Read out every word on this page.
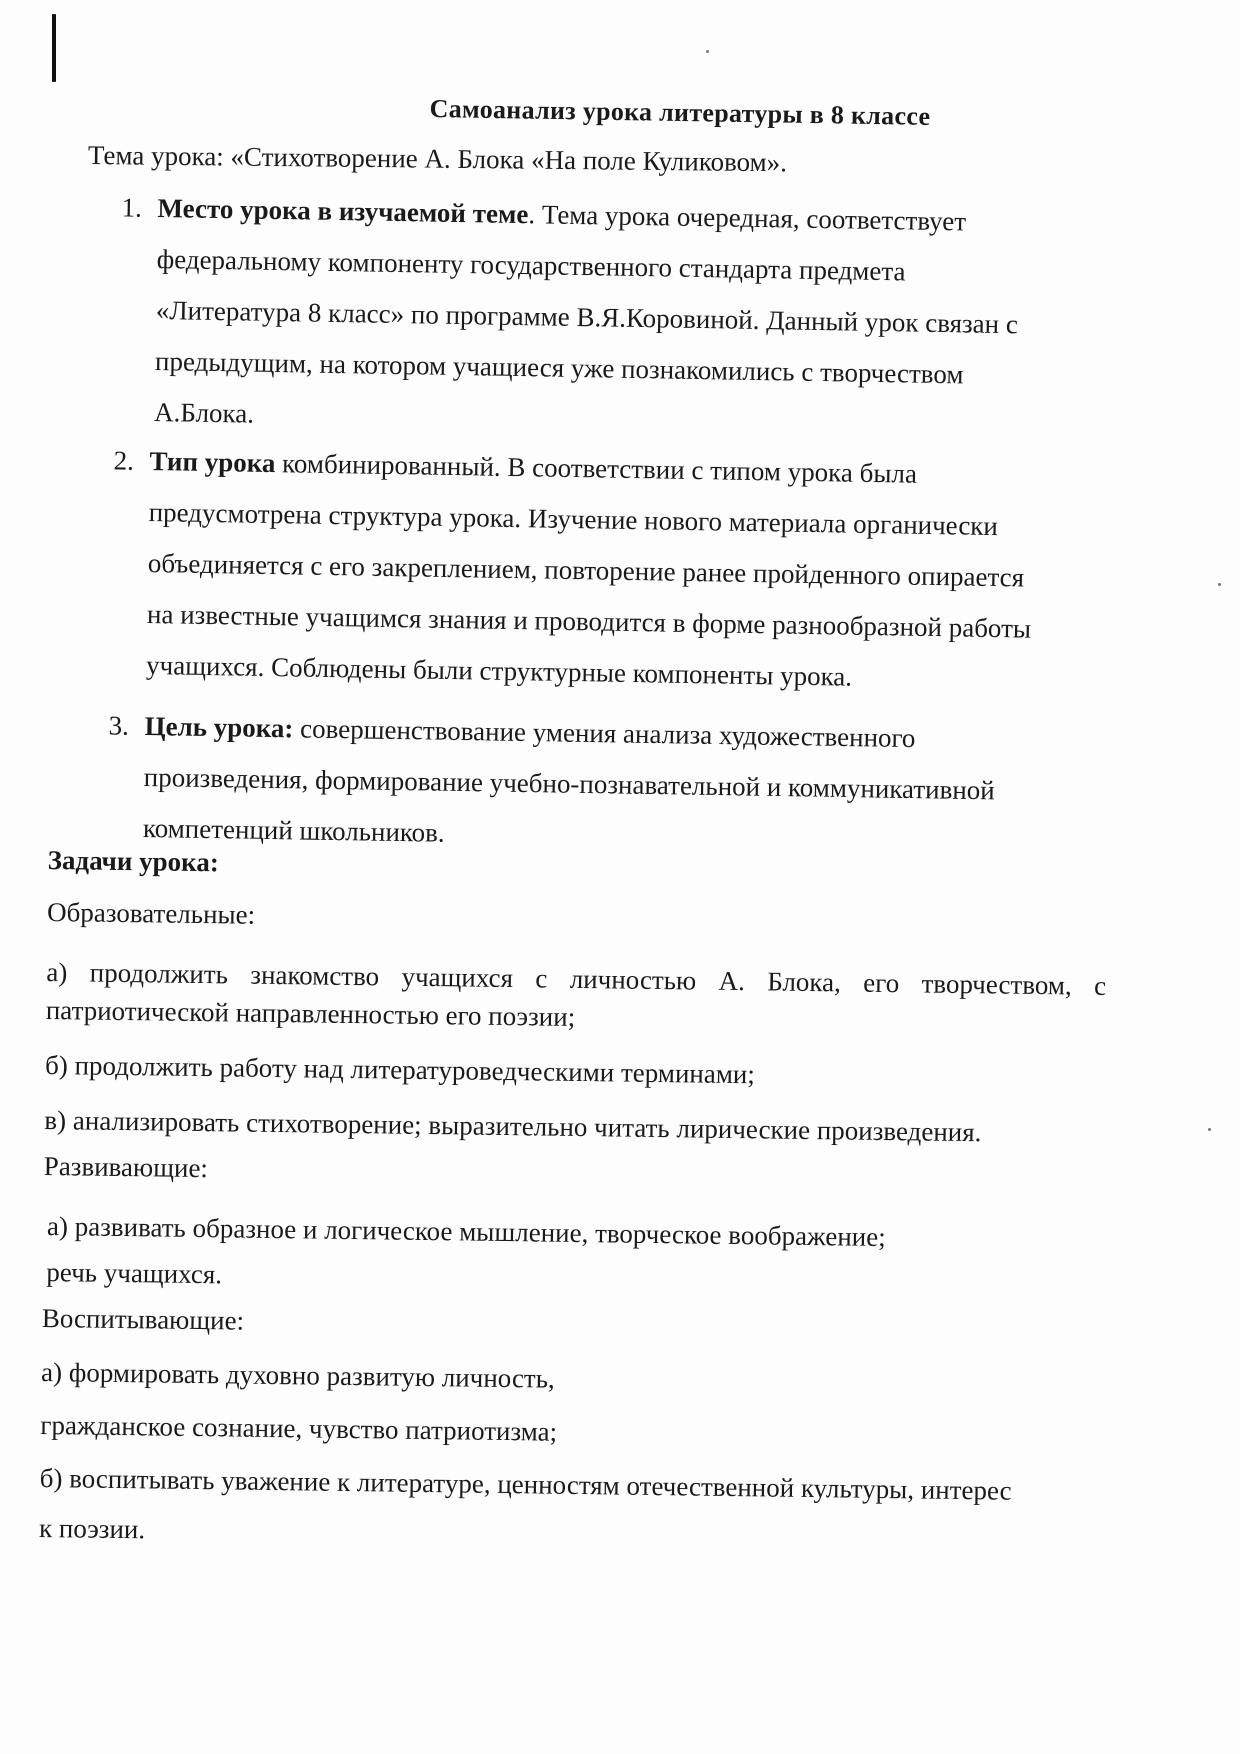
Самоанализ урока литературы в 8 классе
Тема урока: «Стихотворение А. Блока «На поле Куликовом».
1. Место урока в изучаемой теме. Тема урока очередная, соответствует
федеральному компоненту государственного стандарта предмета
«Литература 8 класс» по программе В.Я.Коровиной. Данный урок связан с
предыдущим, на котором учащиеся уже познакомились с творчеством
А.Блока.
2. Тип урока комбинированный. В соответствии с типом урока была
предусмотрена структура урока. Изучение нового материала органически
объединяется с его закреплением, повторение ранее пройденного опирается
на известные учащимся знания и проводится в форме разнообразной работы
учащихся. Соблюдены были структурные компоненты урока.
3. Цель урока: совершенствование умения анализа художественного
произведения, формирование учебно-познавательной и коммуникативной
компетенций школьников.
Задачи урока:
Образовательные:
а) продолжить знакомство учащихся с личностью А. Блока, его творчеством, с
патриотической направленностью его поэзии;
б) продолжить работу над литературоведческими терминами;
в) анализировать стихотворение; выразительно читать лирические произведения.
Развивающие:
а) развивать образное и логическое мышление, творческое воображение;
речь учащихся.
Воспитывающие:
а) формировать духовно развитую личность,
гражданское сознание, чувство патриотизма;
б) воспитывать уважение к литературе, ценностям отечественной культуры, интерес
к поэзии.
